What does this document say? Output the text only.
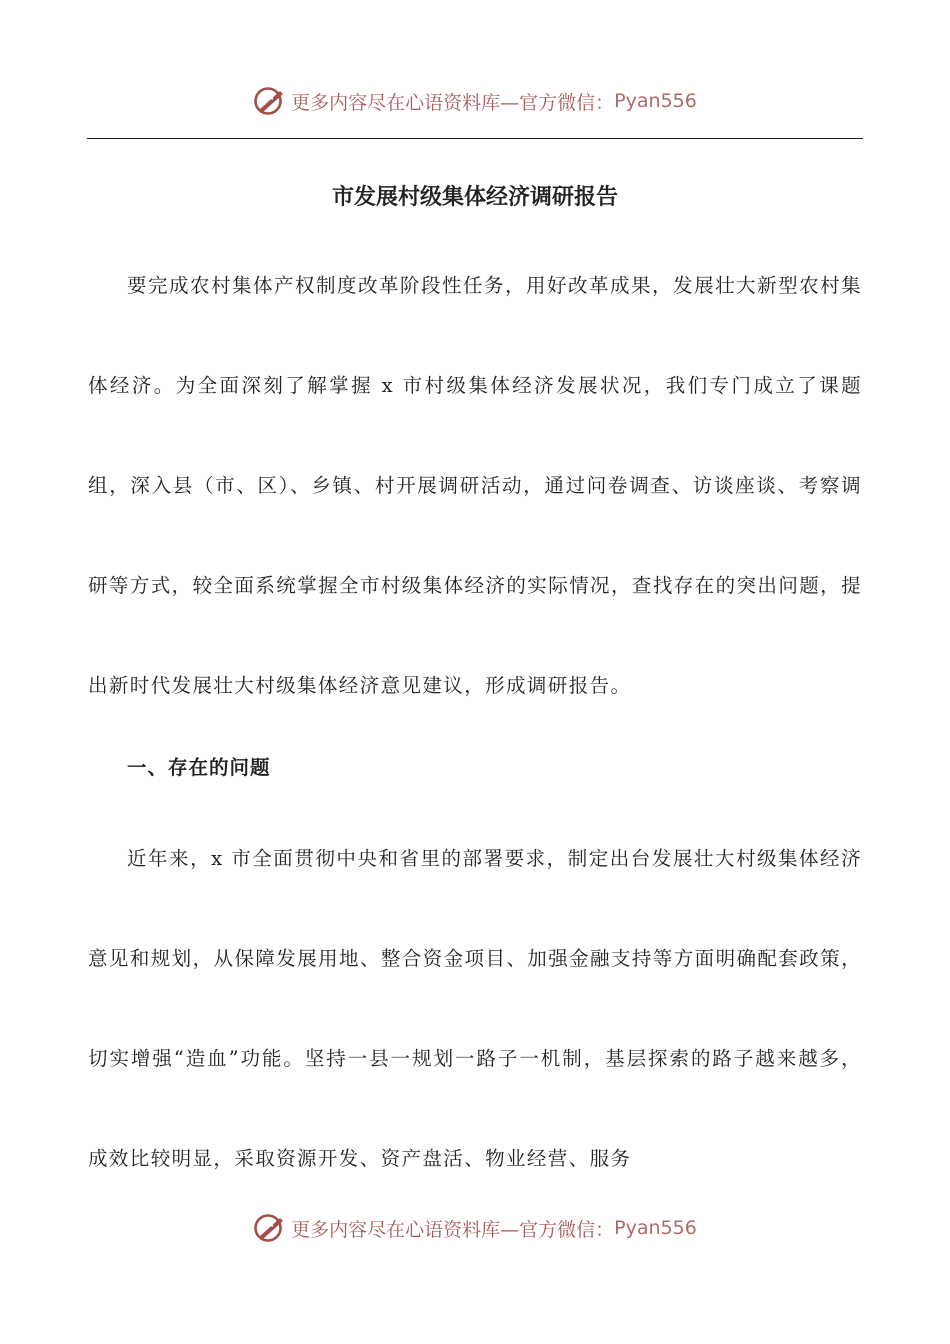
更多内容尽在心语资料库—官方微信： Pyan556
市发展村级集体经济调研报告
要完成农村集体产权制度改革阶段性任务，用好改革成果，发展壮大新型农村集体经济。为全面深刻了解掌握 x 市村级集体经济发展状况，我们专门成立了课题组，深入县（市、区）、乡镇、村开展调研活动，通过问卷调查、访谈座谈、考察调研等方式，较全面系统掌握全市村级集体经济的实际情况，查找存在的突出问题，提出新时代发展壮大村级集体经济意见建议，形成调研报告。
一、存在的问题
近年来，x 市全面贯彻中央和省里的部署要求，制定出台发展壮大村级集体经济意见和规划，从保障发展用地、整合资金项目、加强金融支持等方面明确配套政策，切实增强“造血”功能。坚持一县一规划一路子一机制，基层探索的路子越来越多，成效比较明显，采取资源开发、资产盘活、物业经营、服务
更多内容尽在心语资料库—官方微信： Pyan556
